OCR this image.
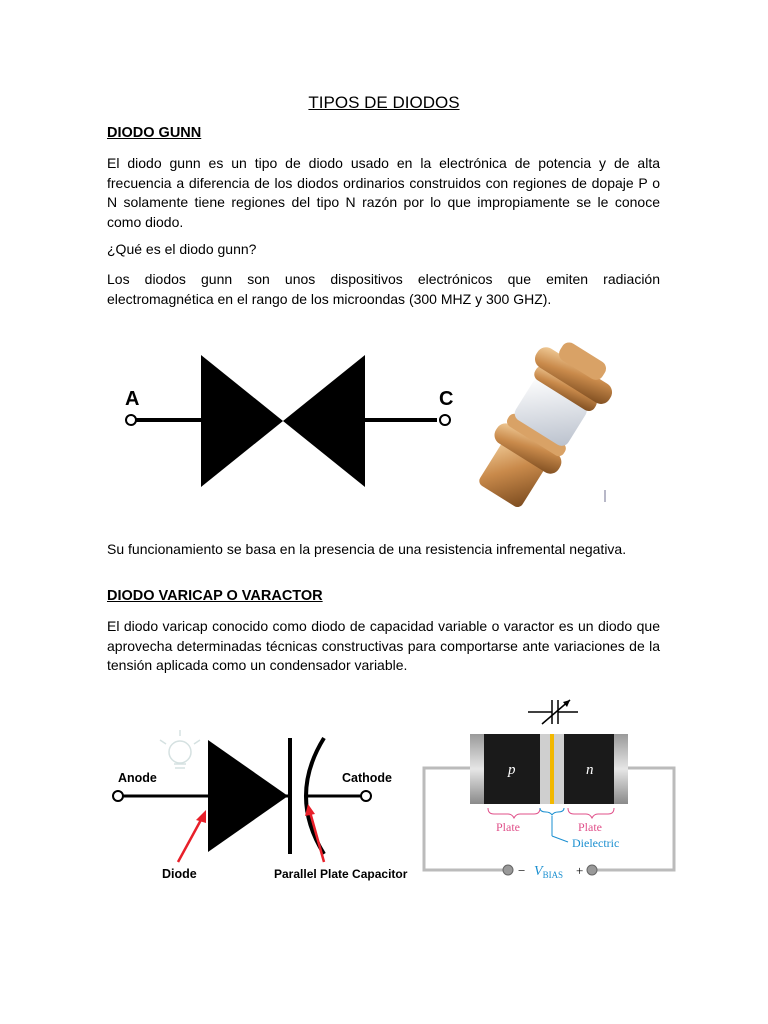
TIPOS DE DIODOS
DIODO GUNN
El diodo gunn es un tipo de diodo usado en la electrónica de potencia y de alta frecuencia a diferencia de los diodos ordinarios construidos con regiones de dopaje P o N solamente tiene regiones del tipo N razón por lo que impropiamente se le conoce como diodo.
¿Qué es el diodo gunn?
Los diodos gunn son unos dispositivos electrónicos que emiten radiación electromagnética en el rango de los microondas (300 MHZ y 300 GHZ).
A	C
Su funcionamiento se basa en la presencia de una resistencia infremental negativa.
DIODO VARICAP O VARACTOR
El diodo varicap conocido como diodo de capacidad variable o varactor es un diodo que aprovecha determinadas técnicas constructivas para comportarse ante variaciones de la tensión aplicada como un condensador variable.
Anode	Cathode
Diode	Parallel Plate Capacitor
p	n
Plate	Plate
Dielectric
− $V_{BIAS}$ +
